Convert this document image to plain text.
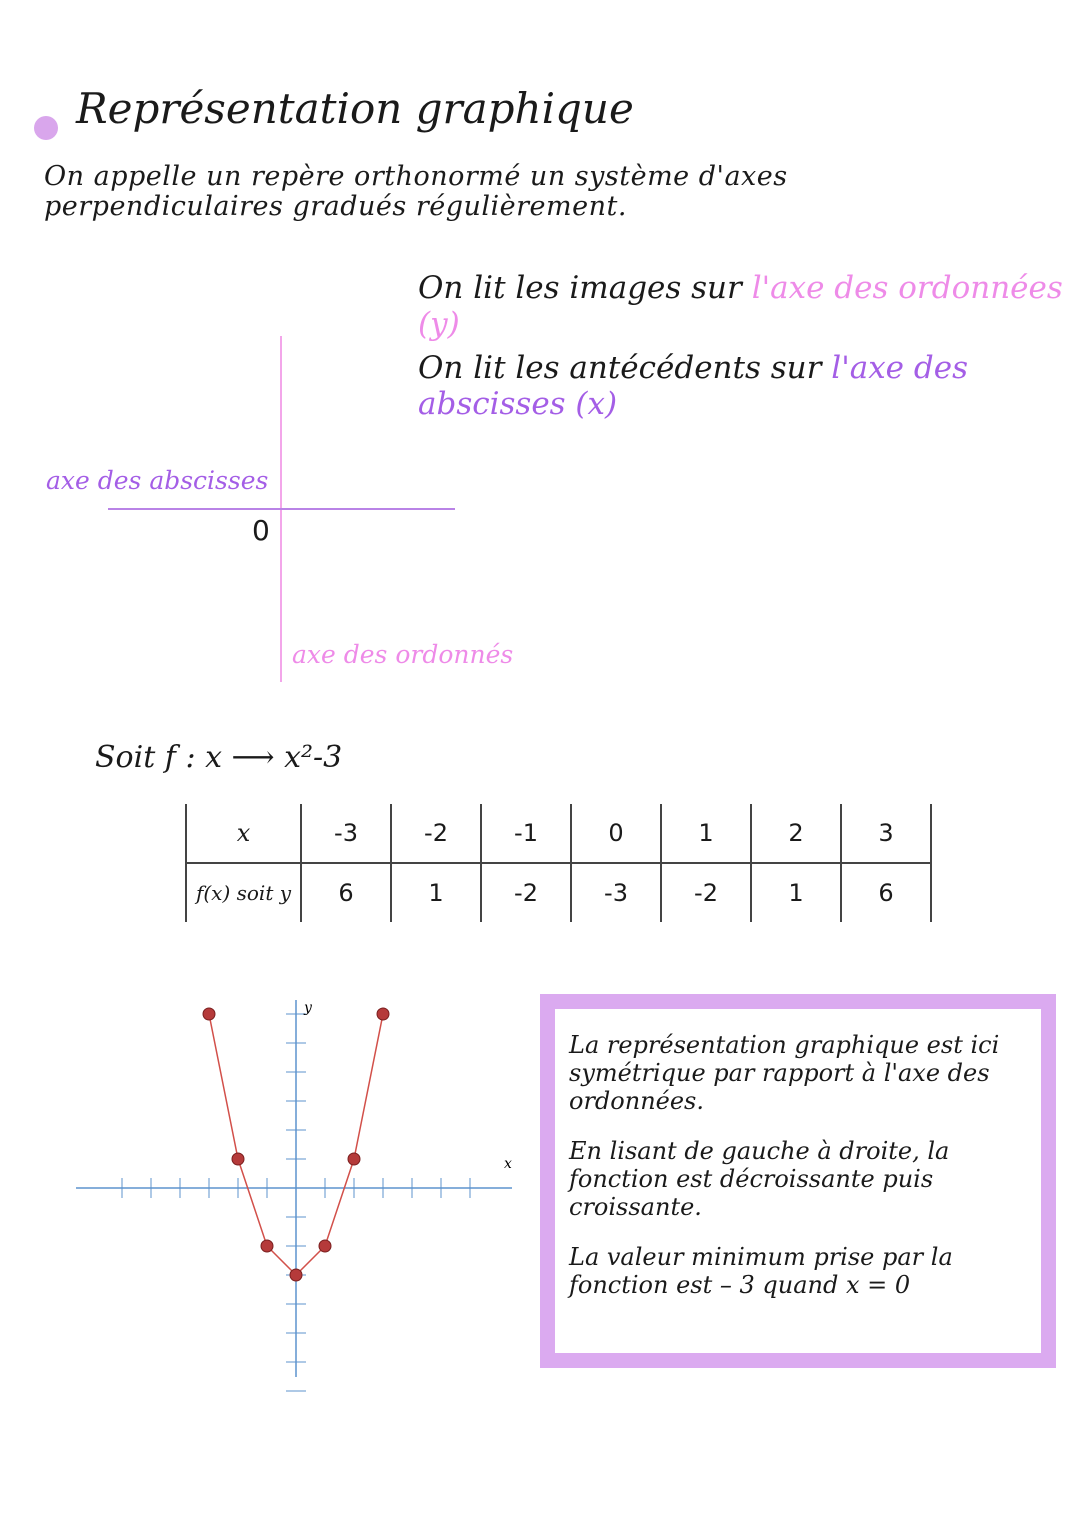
Représentation graphique
On appelle un repère orthonormé un système d'axes perpendiculaires gradués régulièrement.
On lit les images sur l'axe des ordonnées (y)
On lit les antécédents sur l'axe des abscisses (x)
axe des abscisses
axe des ordonnés
0
Soit f : x ⟶ x²-3
x	-3	-2	-1	0	1	2	3
f(x) soit y	6	1	-2	-3	-2	1	6
x
y

La représentation graphique est ici symétrique par rapport à l'axe des ordonnées.

En lisant de gauche à droite, la fonction est décroissante puis croissante.

La valeur minimum prise par la fonction est – 3 quand x = 0
